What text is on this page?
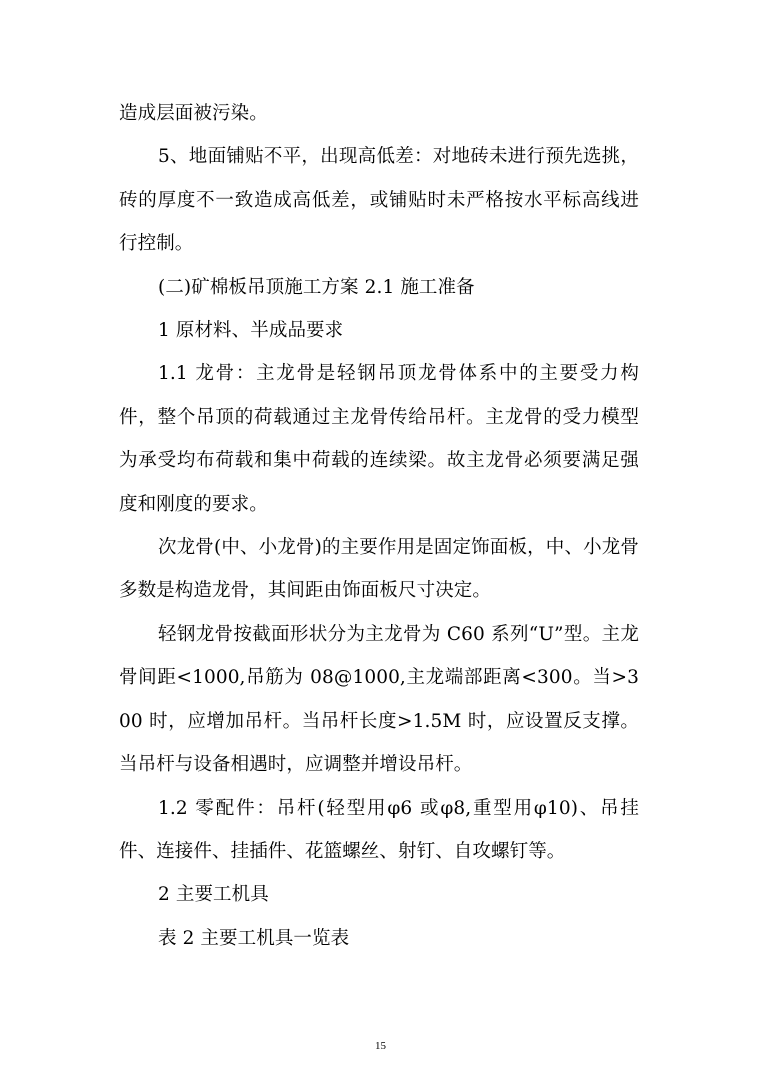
造成层面被污染。

5、地面铺贴不平，出现高低差：对地砖未进行预先选挑，砖的厚度不一致造成高低差，或铺贴时未严格按水平标高线进行控制。

(二)矿棉板吊顶施工方案 2.1 施工准备

1 原材料、半成品要求

1.1 龙骨：主龙骨是轻钢吊顶龙骨体系中的主要受力构件，整个吊顶的荷载通过主龙骨传给吊杆。主龙骨的受力模型为承受均布荷载和集中荷载的连续梁。故主龙骨必须要满足强度和刚度的要求。

次龙骨(中、小龙骨)的主要作用是固定饰面板，中、小龙骨多数是构造龙骨，其间距由饰面板尺寸决定。

轻钢龙骨按截面形状分为主龙骨为 C60 系列“U”型。主龙骨间距<1000,吊筋为 08@1000,主龙端部距离<300。当>300 时，应增加吊杆。当吊杆长度>1.5M 时，应设置反支撑。当吊杆与设备相遇时，应调整并增设吊杆。

1.2 零配件：吊杆(轻型用φ6 或φ8,重型用φ10)、吊挂件、连接件、挂插件、花篮螺丝、射钉、自攻螺钉等。

2 主要工机具

表 2 主要工机具一览表

15
